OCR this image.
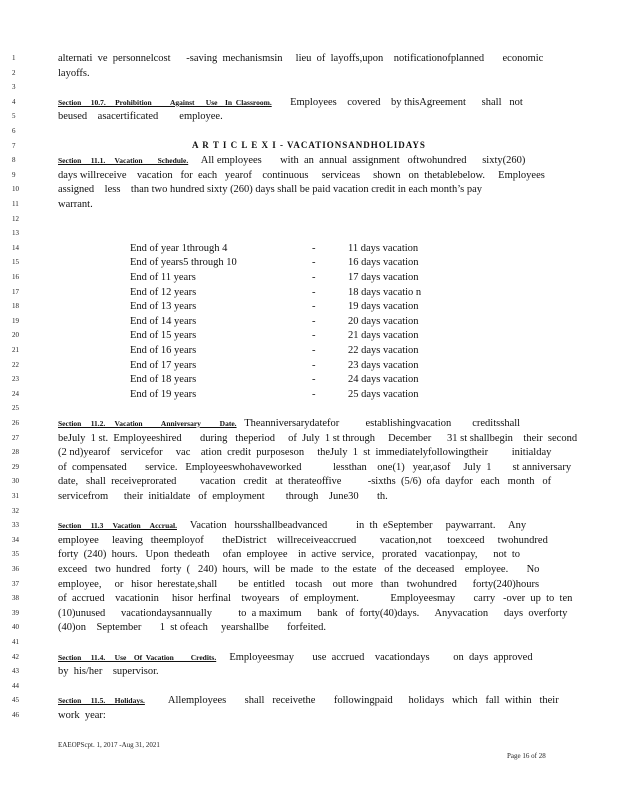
1	alternati  ve  personnelcost      -saving  mechanismsin     lieu  of  layoffs,upon    notificationofplanned       economic
2	layoffs.
3
4	Section     10.7.     Prohibition          Against      Use    In  Classroom.       Employees    covered    by thisAgreement      shall   not
5	beused    asacertificated        employee.
6
7	A R T I C L E X I - VACATIONSANDHOLIDAYS
8	Section     11.1.     Vacation        Schedule.     All employees       with  an  annual  assignment   oftwohundred      sixty(260)
9	days willreceive    vacation   for  each   yearof    continuous     serviceas     shown   on  thetablebelow.     Employees
10	assigned    less    than two hundred sixty (260) days shall be paid vacation credit in each month’s pay
11	warrant.
12
13
14	End of year 1through 4	-	11 days vacation
15	End of years5 through 10	-	16 days vacation
16	End of 11 years	-	17 days vacation
17	End of 12 years	-	18 days vacatio n
18	End of 13 years	-	19 days vacation
19	End of 14 years	-	20 days vacation
20	End of 15 years	-	21 days vacation
21	End of 16 years	-	22 days vacation
22	End of 17 years	-	23 days vacation
23	End of 18 years	-	24 days vacation
24	End of 19 years	-	25 days vacation
25
26	Section     11.2.     Vacation          Anniversary          Date.   Theanniversarydatefor          establishingvacation        creditsshall
27	beJuly  1 st.  Employeeshired       during   theperiod     of  July  1 st through     December      31 st shallbegin    their  second
28	(2 nd)yearof    servicefor     vac    ation  credit  purposeson     theJuly  1  st  immediatelyfollowingtheir         initialday
29	of  compensated       service.   Employeeswhohaveworked            lessthan    one(1)   year,asof     July  1        st anniversary
30	date,   shall  receiveprorated         vacation   credit   at  therateoffive          -sixths  (5/6)  ofa  dayfor   each   month   of
31	servicefrom      their  initialdate   of  employment        through    June30       th.
32
33	Section     11.3     Vacation     Accrual.     Vacation   hoursshallbeadvanced           in  th  eSeptember     paywarrant.     Any
34	employee     leaving   theemployof       theDistrict    willreceiveaccrued         vacation,not      toexceed     twohundred
35	forty  (240)  hours.   Upon  thedeath     ofan  employee    in  active  service,   prorated   vacationpay,      not  to
36	exceed   two  hundred    forty  (   240)  hours,  will  be  made   to  the  estate   of  the  deceased    employee.       No
37	employee,     or   hisor  herestate,shall        be  entitled    tocash    out  more   than   twohundred      forty(240)hours
38	of  accrued    vacationin     hisor  herfinal    twoyears    of  employment.            Employeesmay       carry   -over  up  to  ten
39	(10)unused      vacationdaysannually          to  a maximum      bank   of  forty(40)days.      Anyvacation      days  overforty
40	(40)on    September       1  st ofeach     yearshallbe       forfeited.
41
42	Section     11.4.     Use    Of  Vacation         Credits.     Employeesmay       use  accrued    vacationdays         on  days  approved
43	by  his/her    supervisor.
44
45	Section     11.5.     Holidays.         Allemployees       shall   receivethe       followingpaid      holidays   which   fall  within   their
46	work  year:
EAEOPScpt. 1, 2017 -Aug 31, 2021
Page 16 of 28
